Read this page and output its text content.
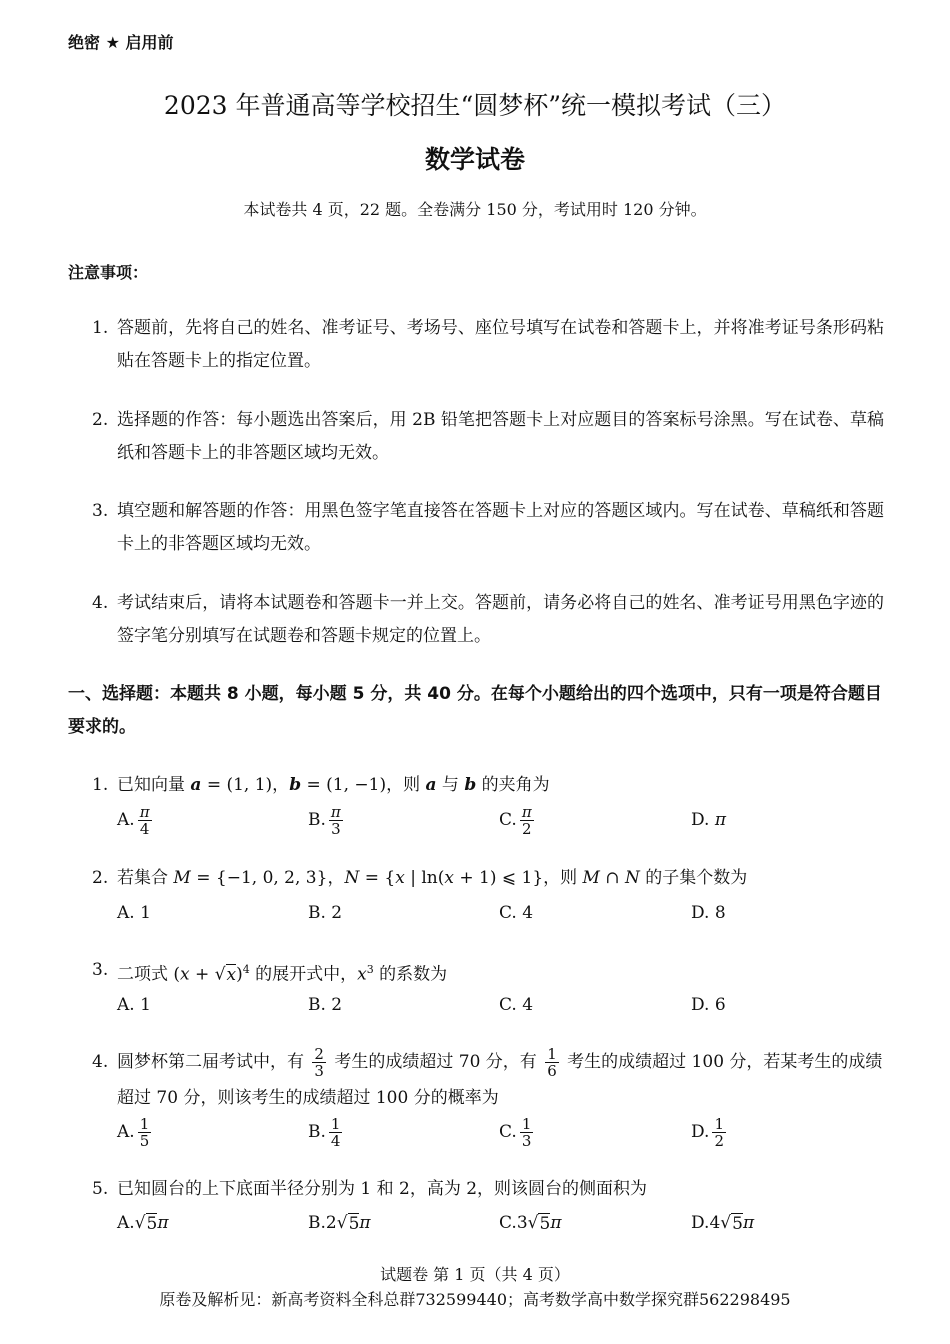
绝密 ★ 启用前
2023 年普通高等学校招生“圆梦杯”统一模拟考试（三）
数学试卷
本试卷共 4 页，22 题。全卷满分 150 分，考试用时 120 分钟。
注意事项：
1. 答题前，先将自己的姓名、准考证号、考场号、座位号填写在试卷和答题卡上，并将准考证号条形码粘贴在答题卡上的指定位置。
2. 选择题的作答：每小题选出答案后，用 2B 铅笔把答题卡上对应题目的答案标号涂黑。写在试卷、草稿纸和答题卡上的非答题区域均无效。
3. 填空题和解答题的作答：用黑色签字笔直接答在答题卡上对应的答题区域内。写在试卷、草稿纸和答题卡上的非答题区域均无效。
4. 考试结束后，请将本试题卷和答题卡一并上交。答题前，请务必将自己的姓名、准考证号用黑色字迹的签字笔分别填写在试题卷和答题卡规定的位置上。
一、选择题：本题共 8 小题，每小题 5 分，共 40 分。在每个小题给出的四个选项中，只有一项是符合题目要求的。
1. 已知向量 a = (1, 1)，b = (1, −1)，则 a 与 b 的夹角为
A. $\frac{\pi}{4}$	B. $\frac{\pi}{3}$	C. $\frac{\pi}{2}$	D.
π
2. 若集合 M = {−1, 0, 2, 3}，N = {x | ln(x + 1) ⩽ 1}，则 M ∩ N 的子集个数为
A. 1	B. 2	C. 4	D. 8
3. 二项式 $(x + √x)^4$ 的展开式中，$x^3$ 的系数为
A. 1	B. 2	C. 4	D. 6
4. 圆梦杯第二届考试中，有 $\frac{2}{3}$ 考生的成绩超过 70 分，有 $\frac{1}{6}$ 考生的成绩超过 100 分，若某考生的成绩超过 70 分，则该考生的成绩超过 100 分的概率为
A. $\frac{1}{5}$	B. $\frac{1}{4}$	C. $\frac{1}{3}$	D. $\frac{1}{2}$
5. 已知圆台的上下底面半径分别为 1 和 2，高为 2，则该圆台的侧面积为
A. √ 5 π	B. 2 √ 5 π	C. 3 √ 5 π	D. 4 √ 5 π
试题卷 第 1 页（共 4 页）
原卷及解析见：新高考资料全科总群732599440；高考数学高中数学探究群562298495
